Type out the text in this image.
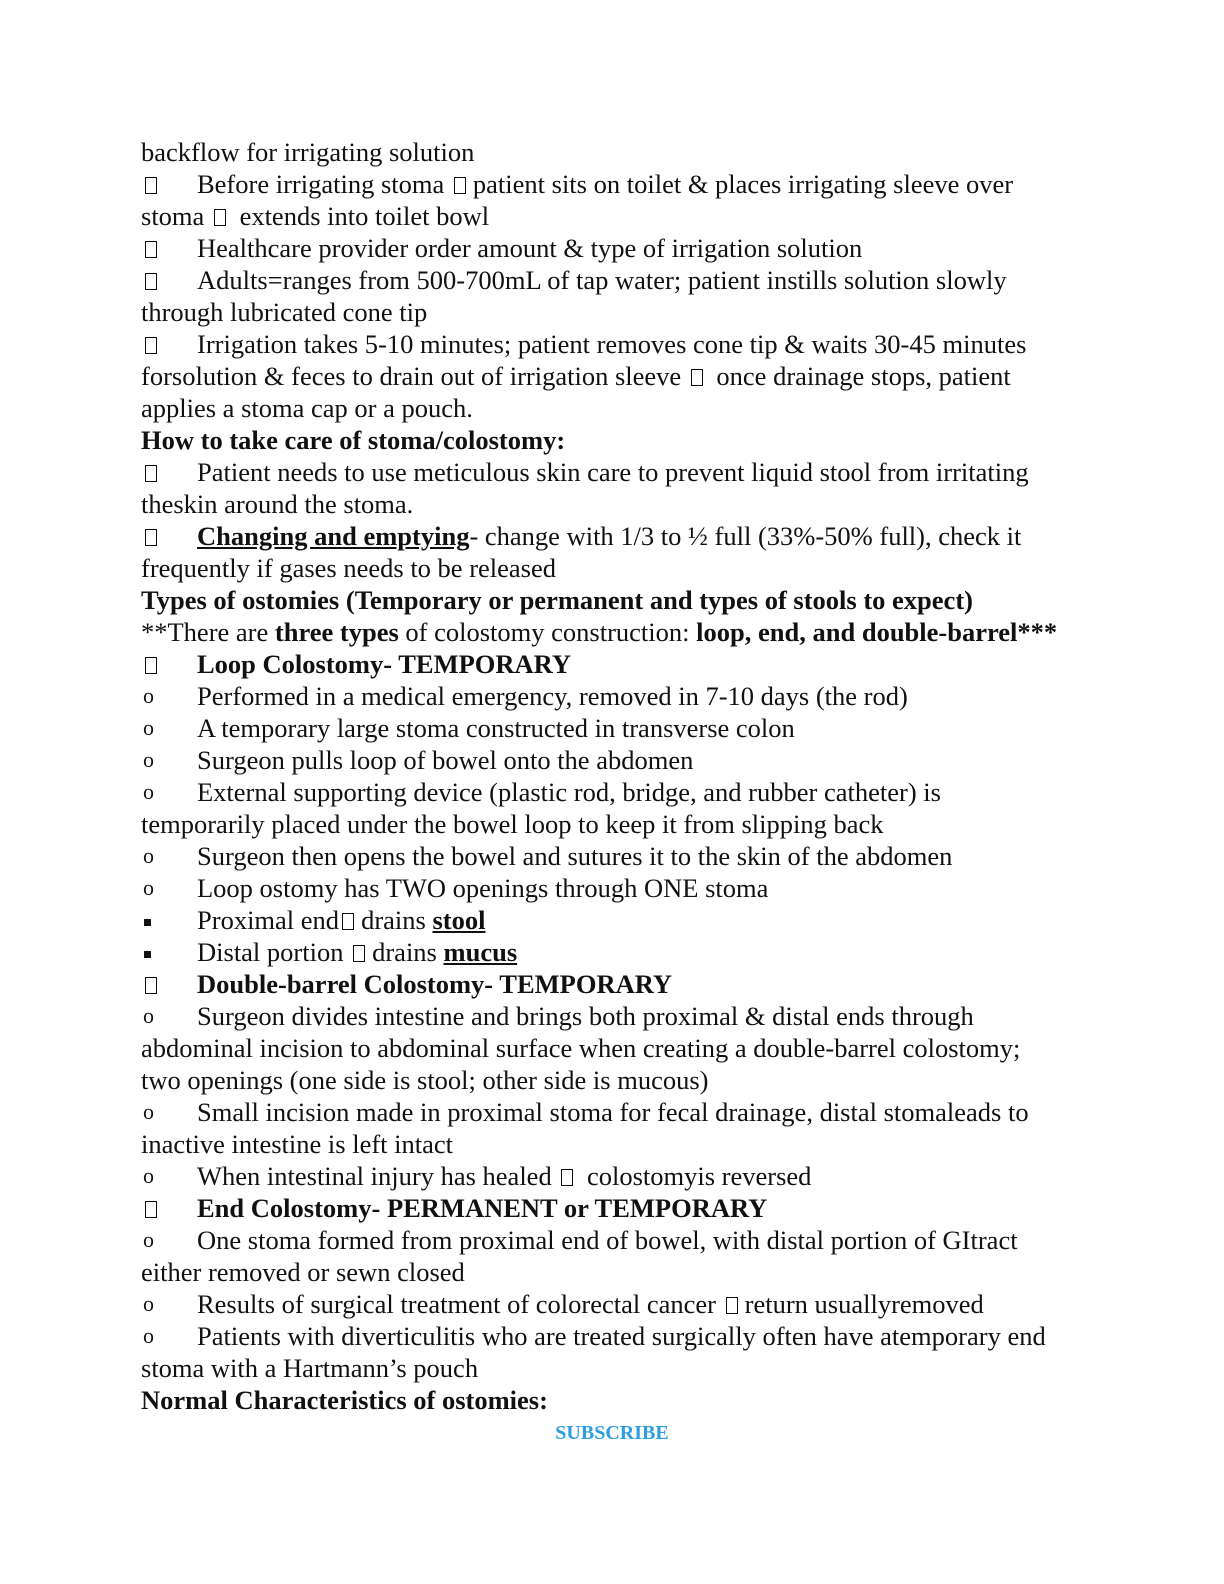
backflow for irrigating solution
Before irrigating stoma patient sits on toilet & places irrigating sleeve over
stoma extends into toilet bowl
Healthcare provider order amount & type of irrigation solution
Adults=ranges from 500-700mL of tap water; patient instills solution slowly
through lubricated cone tip
Irrigation takes 5-10 minutes; patient removes cone tip & waits 30-45 minutes
forsolution & feces to drain out of irrigation sleeve once drainage stops, patient
applies a stoma cap or a pouch.
How to take care of stoma/colostomy:
Patient needs to use meticulous skin care to prevent liquid stool from irritating
theskin around the stoma.
Changing and emptying- change with 1/3 to ½ full (33%-50% full), check it
frequently if gases needs to be released
Types of ostomies (Temporary or permanent and types of stools to expect)
**There are three types of colostomy construction: loop, end, and double-barrel***
Loop Colostomy- TEMPORARY
o	Performed in a medical emergency, removed in 7-10 days (the rod)
o	A temporary large stoma constructed in transverse colon
o	Surgeon pulls loop of bowel onto the abdomen
o	External supporting device (plastic rod, bridge, and rubber catheter) is
temporarily placed under the bowel loop to keep it from slipping back
o	Surgeon then opens the bowel and sutures it to the skin of the abdomen
o	Loop ostomy has TWO openings through ONE stoma
Proximal end drains stool
Distal portion drains mucus
Double-barrel Colostomy- TEMPORARY
o	Surgeon divides intestine and brings both proximal & distal ends through
abdominal incision to abdominal surface when creating a double-barrel colostomy;
two openings (one side is stool; other side is mucous)
o	Small incision made in proximal stoma for fecal drainage, distal stomaleads to
inactive intestine is left intact
o	When intestinal injury has healed colostomyis reversed
End Colostomy- PERMANENT or TEMPORARY
o	One stoma formed from proximal end of bowel, with distal portion of GItract
either removed or sewn closed
o	Results of surgical treatment of colorectal cancer return usuallyremoved
o	Patients with diverticulitis who are treated surgically often have atemporary end
stoma with a Hartmann’s pouch
Normal Characteristics of ostomies:
SUBSCRIBE
